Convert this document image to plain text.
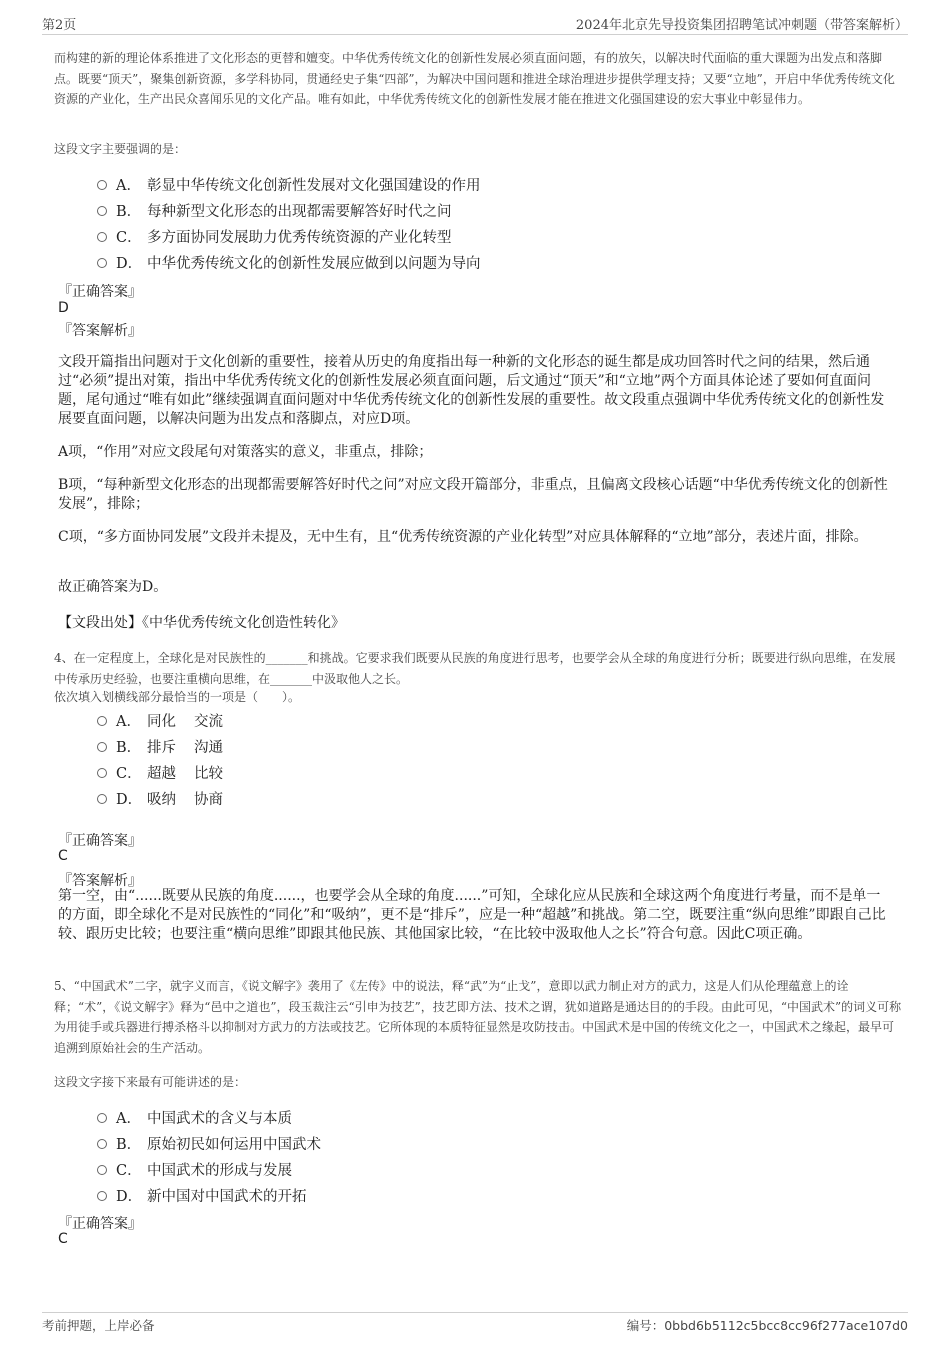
第2页	2024年北京先导投资集团招聘笔试冲刺题（带答案解析）
而构建的新的理论体系推进了文化形态的更替和嬗变。中华优秀传统文化的创新性发展必须直面问题，有的放矢，以解决时代面临的重大课题为出发点和落脚点。既要“顶天”，聚集创新资源，多学科协同，贯通经史子集“四部”，为解决中国问题和推进全球治理进步提供学理支持；又要“立地”，开启中华优秀传统文化资源的产业化，生产出民众喜闻乐见的文化产品。唯有如此，中华优秀传统文化的创新性发展才能在推进文化强国建设的宏大事业中彰显伟力。
这段文字主要强调的是：
A． 彰显中华传统文化创新性发展对文化强国建设的作用
B． 每种新型文化形态的出现都需要解答好时代之问
C． 多方面协同发展助力优秀传统资源的产业化转型
D． 中华优秀传统文化的创新性发展应做到以问题为导向
『正确答案』
D
『答案解析』
文段开篇指出问题对于文化创新的重要性，接着从历史的角度指出每一种新的文化形态的诞生都是成功回答时代之问的结果，然后通过“必须”提出对策，指出中华优秀传统文化的创新性发展必须直面问题，后文通过“顶天”和“立地”两个方面具体论述了要如何直面问题，尾句通过“唯有如此”继续强调直面问题对中华优秀传统文化的创新性发展的重要性。故文段重点强调中华优秀传统文化的创新性发展要直面问题，以解决问题为出发点和落脚点，对应D项。
A项，“作用”对应文段尾句对策落实的意义，非重点，排除；
B项，“每种新型文化形态的出现都需要解答好时代之问”对应文段开篇部分，非重点，且偏离文段核心话题“中华优秀传统文化的创新性发展”，排除；
C项，“多方面协同发展”文段并未提及，无中生有，且“优秀传统资源的产业化转型”对应具体解释的“立地”部分，表述片面，排除。
故正确答案为D。
【文段出处】《中华优秀传统文化创造性转化》
4、在一定程度上，全球化是对民族性的_______和挑战。它要求我们既要从民族的角度进行思考，也要学会从全球的角度进行分析；既要进行纵向思维，在发展中传承历史经验，也要注重横向思维，在_______中汲取他人之长。
依次填入划横线部分最恰当的一项是（　　）。
A． 同化 交流
B． 排斥 沟通
C． 超越 比较
D． 吸纳 协商
『正确答案』
C
『答案解析』
第一空，由“......既要从民族的角度......，也要学会从全球的角度......”可知，全球化应从民族和全球这两个角度进行考量，而不是单一的方面，即全球化不是对民族性的“同化”和“吸纳”，更不是“排斥”，应是一种“超越”和挑战。第二空，既要注重“纵向思维”即跟自己比较、跟历史比较；也要注重“横向思维”即跟其他民族、其他国家比较，“在比较中汲取他人之长”符合句意。因此C项正确。
5、“中国武术”二字，就字义而言，《说文解字》袭用了《左传》中的说法，释“武”为“止戈”，意即以武力制止对方的武力，这是人们从伦理蕴意上的诠释；“术”，《说文解字》释为“邑中之道也”，段玉裁注云“引申为技艺”，技艺即方法、技术之谓，犹如道路是通达目的的手段。由此可见，“中国武术”的词义可称为用徒手或兵器进行搏杀格斗以抑制对方武力的方法或技艺。它所体现的本质特征显然是攻防技击。中国武术是中国的传统文化之一，中国武术之缘起，最早可追溯到原始社会的生产活动。
这段文字接下来最有可能讲述的是：
A． 中国武术的含义与本质
B． 原始初民如何运用中国武术
C． 中国武术的形成与发展
D． 新中国对中国武术的开拓
『正确答案』
C
考前押题，上岸必备	编号：0bbd6b5112c5bcc8cc96f277ace107d0
